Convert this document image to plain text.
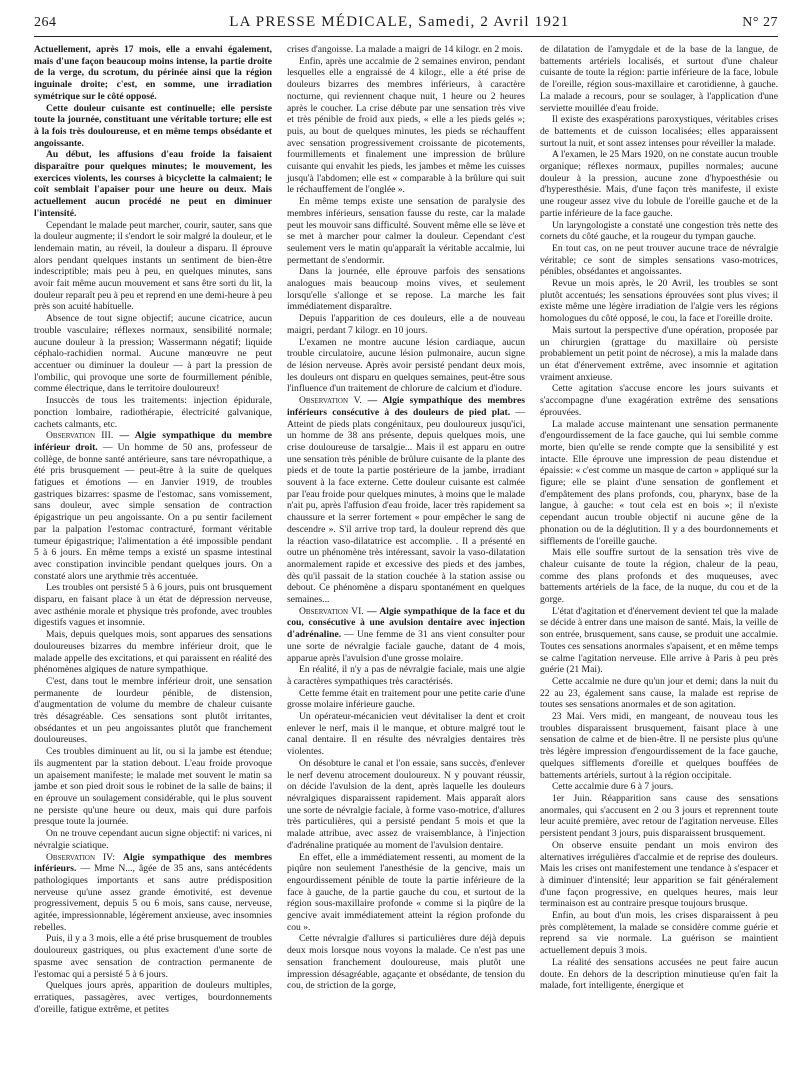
264	LA PRESSE MÉDICALE, Samedi, 2 Avril 1921	N° 27

Actuellement, après 17 mois, elle a envahi également, mais d'une façon beaucoup moins intense, la partie droite de la verge, du scrotum, du périnée ainsi que la région inguinale droite; c'est, en somme, une irradiation symétrique sur le côté opposé.

Cette douleur cuisante est continuelle; elle persiste toute la journée, constituant une véritable torture; elle est à la fois très douloureuse, et en même temps obsédante et angoissante.

Au début, les affusions d'eau froide la faisaient disparaître pour quelques minutes; le mouvement, les exercices violents, les courses à bicyclette la calmaient; le coït semblait l'apaiser pour une heure ou deux. Mais actuellement aucun procédé ne peut en diminuer l'intensité.

Cependant le malade peut marcher, courir, sauter, sans que la douleur augmente; il s'endort le soir malgré la douleur, et le lendemain matin, au réveil, la douleur a disparu. Il éprouve alors pendant quelques instants un sentiment de bien-être indescriptible; mais peu à peu, en quelques minutes, sans avoir fait même aucun mouvement et sans être sorti du lit, la douleur reparaît peu à peu et reprend en une demi-heure à peu près son acuité habituelle.

Absence de tout signe objectif; aucune cicatrice, aucun trouble vasculaire; réflexes normaux, sensibilité normale; aucune douleur à la pression; Wassermann négatif; liquide céphalo-rachidien normal. Aucune manœuvre ne peut accentuer ou diminuer la douleur — à part la pression de l'ombilic, qui provoque une sorte de fourmillement pénible, comme électrique, dans le territoire douloureux!

Insuccès de tous les traitements: injection épidurale, ponction lombaire, radiothérapie, électricité galvanique, cachets calmants, etc.

Observation III. — Algie sympathique du membre inférieur droit. — Un homme de 50 ans, professeur de collège, de bonne santé antérieure, sans tare névropathique, a été pris brusquement — peut-être à la suite de quelques fatigues et émotions — en Janvier 1919, de troubles gastriques bizarres: spasme de l'estomac, sans vomissement, sans douleur, avec simple sensation de contraction épigastrique un peu angoissante. On a pu sentir facilement par la palpation l'estomac contracturé, formant véritable tumeur épigastrique; l'alimentation a été impossible pendant 5 à 6 jours. En même temps a existé un spasme intestinal avec constipation invincible pendant quelques jours. On a constaté alors une arythmie très accentuée.

Les troubles ont persisté 5 à 6 jours, puis ont brusquement disparu, en faisant place à un état de dépression nerveuse, avec asthénie morale et physique très profonde, avec troubles digestifs vagues et insomnie.

Mais, depuis quelques mois, sont apparues des sensations douloureuses bizarres du membre inférieur droit, que le malade appelle des excitations, et qui paraissent en réalité des phénomènes algiques de nature sympathique.

C'est, dans tout le membre inférieur droit, une sensation permanente de lourdeur pénible, de distension, d'augmentation de volume du membre de chaleur cuisante très désagréable. Ces sensations sont plutôt irritantes, obsédantes et un peu angoissantes plutôt que franchement douloureuses.

Ces troubles diminuent au lit, ou si la jambe est étendue; ils augmentent par la station debout. L'eau froide provoque un apaisement manifeste; le malade met souvent le matin sa jambe et son pied droit sous le robinet de la salle de bains; il en éprouve un soulagement considérable, qui le plus souvent ne persiste qu'une heure ou deux, mais qui dure parfois presque toute la journée.

On ne trouve cependant aucun signe objectif: ni varices, ni névralgie sciatique.

Observation IV: Algie sympathique des membres inférieurs. — Mme N..., âgée de 35 ans, sans antécédents pathologiques importants et sans autre prédisposition nerveuse qu'une assez grande émotivité, est devenue progressivement, depuis 5 ou 6 mois, sans cause, nerveuse, agitée, impressionnable, légèrement anxieuse, avec insomnies rebelles.

Puis, il y a 3 mois, elle a été prise brusquement de troubles douloureux gastriques, ou plus exactement d'une sorte de spasme avec sensation de contraction permanente de l'estomac qui a persisté 5 à 6 jours.

Quelques jours après, apparition de douleurs multiples, erratiques, passagères, avec vertiges, bourdonnements d'oreille, fatigue extrême, et petites

crises d'angoisse. La malade a maigri de 14 kilogr. en 2 mois.

Enfin, après une accalmie de 2 semaines environ, pendant lesquelles elle a engraissé de 4 kilogr., elle a été prise de douleurs bizarres des membres inférieurs, à caractère nocturne, qui reviennent chaque nuit, 1 heure ou 2 heures après le coucher. La crise débute par une sensation très vive et très pénible de froid aux pieds, « elle a les pieds gelés »; puis, au bout de quelques minutes, les pieds se réchauffent avec sensation progressivement croissante de picotements, fourmillements et finalement une impression de brûlure cuisante qui envahit les pieds, les jambes et même les cuisses jusqu'à l'abdomen; elle est « comparable à la brûlure qui suit le réchauffement de l'onglée ».

En même temps existe une sensation de paralysie des membres inférieurs, sensation fausse du reste, car la malade peut les mouvoir sans difficulté. Souvent même elle se lève et se met à marcher pour calmer la douleur. Cependant c'est seulement vers le matin qu'apparaît la véritable accalmie, lui permettant de s'endormir.

Dans la journée, elle éprouve parfois des sensations analogues mais beaucoup moins vives, et seulement lorsqu'elle s'allonge et se repose. La marche les fait immédiatement disparaître.

Depuis l'apparition de ces douleurs, elle a de nouveau maigri, perdant 7 kilogr. en 10 jours.

L'examen ne montre aucune lésion cardiaque, aucun trouble circulatoire, aucune lésion pulmonaire, aucun signe de lésion nerveuse. Après avoir persisté pendant deux mois, les douleurs ont disparu en quelques semaines, peut-être sous l'influence d'un traitement de chlorure de calcium et d'iodure.

Observation V. — Algie sympathique des membres inférieurs consécutive à des douleurs de pied plat. — Atteint de pieds plats congénitaux, peu douloureux jusqu'ici, un homme de 38 ans présente, depuis quelques mois, une crise douloureuse de tarsalgie... Mais il est apparu en outre une sensation très pénible de brûlure cuisante de la plante des pieds et de toute la partie postérieure de la jambe, irradiant souvent à la face externe. Cette douleur cuisante est calmée par l'eau froide pour quelques minutes, à moins que le malade n'ait pu, après l'affusion d'eau froide, lacer très rapidement sa chaussure et la serrer fortement « pour empêcher le sang de descendre ». S'il arrive trop tard, la douleur reprend dès que la réaction vaso-dilatatrice est accomplie. . Il a présenté en outre un phénomène très intéressant, savoir la vaso-dilatation anormalement rapide et excessive des pieds et des jambes, dès qu'il passait de la station couchée à la station assise ou debout. Ce phénomène a disparu spontanément en quelques semaines...

Observation VI. — Algie sympathique de la face et du cou, consécutive à une avulsion dentaire avec injection d'adrénaline. — Une femme de 31 ans vient consulter pour une sorte de névralgie faciale gauche, datant de 4 mois, apparue après l'avulsion d'une grosse molaire.

En réalité, il n'y a pas de névralgie faciale, mais une algie à caractères sympathiques très caractérisés.

Cette femme était en traitement pour une petite carie d'une grosse molaire inférieure gauche.

Un opérateur-mécanicien veut dévitaliser la dent et croit enlever le nerf, mais il le manque, et obture malgré tout le canal dentaire. Il en résulte des névralgies dentaires très violentes.

On désobture le canal et l'on essaie, sans succès, d'enlever le nerf devenu atrocement douloureux. N y pouvant réussir, on décide l'avulsion de la dent, après laquelle les douleurs névralgiques disparaissent rapidement. Mais apparaît alors une sorte de névralgie faciale, à forme vaso-motrice, d'allures très particulières, qui a persisté pendant 5 mois et que la malade attribue, avec assez de vraisemblance, à l'injection d'adrénaline pratiquée au moment de l'avulsion dentaire.

En effet, elle a immédiatement ressenti, au moment de la piqûre non seulement l'anesthésie de la gencive, mais un engourdissement pénible de toute la partie inférieure de la face à gauche, de la partie gauche du cou, et surtout de la région sous-maxillaire profonde « comme si la piqûre de la gencive avait immédiatement atteint la région profonde du cou ».

Cette névralgie d'allures si particulières dure déjà depuis deux mois lorsque nous voyons la malade. Ce n'est pas une sensation franchement douloureuse, mais plutôt une impression désagréable, agaçante et obsédante, de tension du cou, de striction de la gorge,

de dilatation de l'amygdale et de la base de la langue, de battements artériels localisés, et surtout d'une chaleur cuisante de toute la région: partie inférieure de la face, lobule de l'oreille, région sous-maxillaire et carotidienne, à gauche. La malade a recours, pour se soulager, à l'application d'une serviette mouillée d'eau froide.

Il existe des exaspérations paroxystiques, véritables crises de battements et de cuisson localisées; elles apparaissent surtout la nuit, et sont assez intenses pour réveiller la malade.

A l'examen, le 25 Mars 1920, on ne constate aucun trouble organique; réflexes normaux, pupilles normales; aucune douleur à la pression, aucune zone d'hypoesthésie ou d'hyperesthésie. Mais, d'une façon très manifeste, il existe une rougeur assez vive du lobule de l'oreille gauche et de la partie inférieure de la face gauche.

Un laryngologiste a constaté une congestion très nette des cornets du côté gauche, et la rougeur du tympan gauche.

En tout cas, on ne peut trouver aucune trace de névralgie véritable; ce sont de simples sensations vaso-motrices, pénibles, obsédantes et angoissantes.

Revue un mois après, le 20 Avril, les troubles se sont plutôt accentués; les sensations éprouvées sont plus vives; il existe même une légère irradiation de l'algie vers les régions homologues du côté opposé, le cou, la face et l'oreille droite.

Mais surtout la perspective d'une opération, proposée par un chirurgien (grattage du maxillaire où persiste probablement un petit point de nécrose), a mis la malade dans un état d'énervement extrême, avec insomnie et agitation vraiment anxieuse.

Cette agitation s'accuse encore les jours suivants et s'accompagne d'une exagération extrême des sensations éprouvées.

La malade accuse maintenant une sensation permanente d'engourdissement de la face gauche, qui lui semble comme morte, bien qu'elle se rende compte que la sensibilité y est intacte. Elle éprouve une impression de peau distendue et épaissie: « c'est comme un masque de carton » appliqué sur la figure; elle se plaint d'une sensation de gonflement et d'empâtement des plans profonds, cou, pharynx, base de la langue, à gauche: « tout cela est en bois »; il n'existe cependant aucun trouble objectif ni aucune gêne de la phonation ou de la déglutition. Il y a des bourdonnements et sifflements de l'oreille gauche.

Mais elle souffre surtout de la sensation très vive de chaleur cuisante de toute la région, chaleur de la peau, comme des plans profonds et des muqueuses, avec battements artériels de la face, de la nuque, du cou et de la gorge.

L'état d'agitation et d'énervement devient tel que la malade se décide à entrer dans une maison de santé. Mais, la veille de son entrée, brusquement, sans cause, se produit une accalmie. Toutes ces sensations anormales s'apaisent, et en même temps se calme l'agitation nerveuse. Elle arrive à Paris à peu près guérie (21 Mai).

Cette accalmie ne dure qu'un jour et demi; dans la nuit du 22 au 23, également sans cause, la malade est reprise de toutes ses sensations anormales et de son agitation.

23 Mai. Vers midi, en mangeant, de nouveau tous les troubles disparaissent brusquement, faisant place à une sensation de calme et de bien-être. Il ne persiste plus qu'une très légère impression d'engourdissement de la face gauche, quelques sifflements d'oreille et quelques bouffées de battements artériels, surtout à la région occipitale.

Cette accalmie dure 6 à 7 jours.

1er Juin. Réapparition sans cause des sensations anormales, qui s'accusent en 2 ou 3 jours et reprennent toute leur acuité première, avec retour de l'agitation nerveuse. Elles persistent pendant 3 jours, puis disparaissent brusquement.

On observe ensuite pendant un mois environ des alternatives irrégulières d'accalmie et de reprise des douleurs. Mais les crises ont manifestement une tendance à s'espacer et à diminuer d'intensité; leur apparition se fait généralement d'une façon progressive, en quelques heures, mais leur terminaison est au contraire presque toujours brusque.

Enfin, au bout d'un mois, les crises disparaissent à peu près complètement, la malade se considère comme guérie et reprend sa vie normale. La guérison se maintient actuellement depuis 3 mois.

La réalité des sensations accusées ne peut faire aucun doute. En dehors de la description minutieuse qu'en fait la malade, fort intelligente, énergique et
